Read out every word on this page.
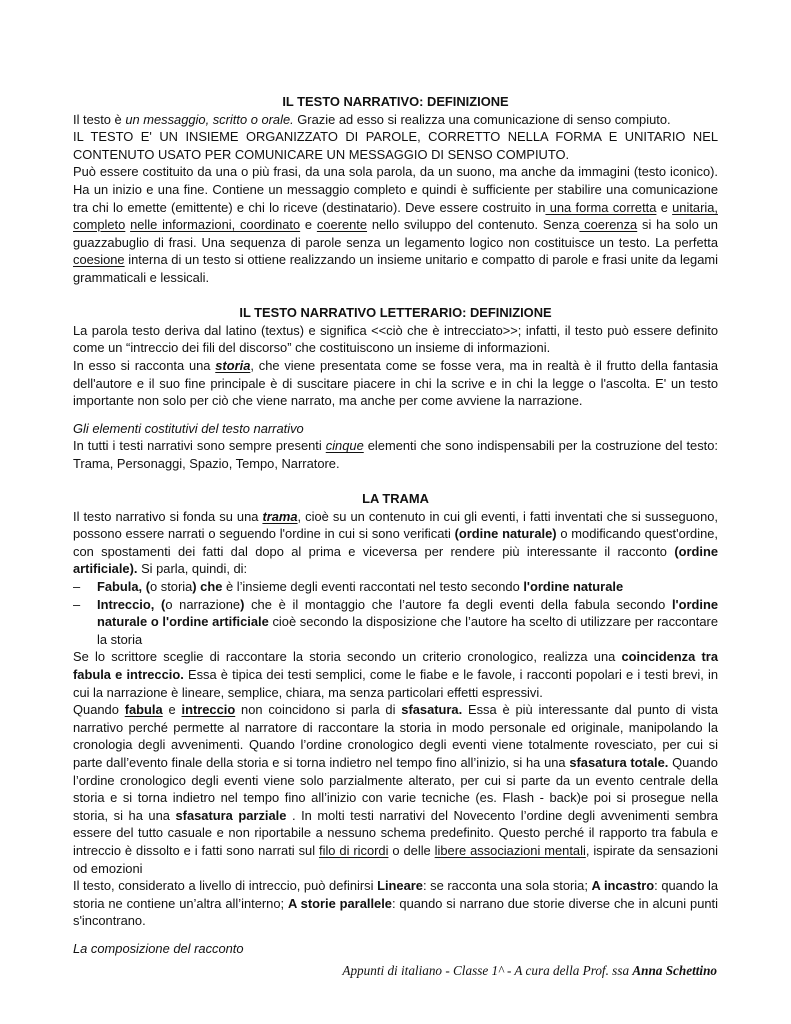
IL TESTO NARRATIVO: DEFINIZIONE

Il testo è un messaggio, scritto o orale. Grazie ad esso si realizza una comunicazione di senso compiuto.

IL TESTO E' UN INSIEME ORGANIZZATO DI PAROLE, CORRETTO NELLA FORMA E UNITARIO NEL CONTENUTO USATO PER COMUNICARE UN MESSAGGIO DI SENSO COMPIUTO.

Può essere costituito da una o più frasi, da una sola parola, da un suono, ma anche da immagini (testo iconico). Ha un inizio e una fine. Contiene un messaggio completo e quindi è sufficiente per stabilire una comunicazione tra chi lo emette (emittente) e chi lo riceve (destinatario). Deve essere costruito in una forma corretta e unitaria, completo nelle informazioni, coordinato e coerente nello sviluppo del contenuto. Senza coerenza si ha solo un guazzabuglio di frasi. Una sequenza di parole senza un legamento logico non costituisce un testo. La perfetta coesione interna di un testo si ottiene realizzando un insieme unitario e compatto di parole e frasi unite da legami grammaticali e lessicali.

IL TESTO NARRATIVO LETTERARIO: DEFINIZIONE

La parola testo deriva dal latino (textus) e significa <<ciò che è intrecciato>>; infatti, il testo può essere definito come un “intreccio dei fili del discorso” che costituiscono un insieme di informazioni.

In esso si racconta una storia, che viene presentata come se fosse vera, ma in realtà è il frutto della fantasia dell'autore e il suo fine principale è di suscitare piacere in chi la scrive e in chi la legge o l'ascolta. E' un testo importante non solo per ciò che viene narrato, ma anche per come avviene la narrazione.

Gli elementi costitutivi del testo narrativo

In tutti i testi narrativi sono sempre presenti cinque elementi che sono indispensabili per la costruzione del testo: Trama, Personaggi, Spazio, Tempo, Narratore.

LA TRAMA

Il testo narrativo si fonda su una trama, cioè su un contenuto in cui gli eventi, i fatti inventati che si susseguono, possono essere narrati o seguendo l'ordine in cui si sono verificati (ordine naturale) o modificando quest'ordine, con spostamenti dei fatti dal dopo al prima e viceversa per rendere più interessante il racconto (ordine artificiale). Si parla, quindi, di:

– Fabula, (o storia) che è l’insieme degli eventi raccontati nel testo secondo l'ordine naturale
– Intreccio, (o narrazione) che è il montaggio che l’autore fa degli eventi della fabula secondo l'ordine naturale o l'ordine artificiale cioè secondo la disposizione che l’autore ha scelto di utilizzare per raccontare la storia

Se lo scrittore sceglie di raccontare la storia secondo un criterio cronologico, realizza una coincidenza tra fabula e intreccio. Essa è tipica dei testi semplici, come le fiabe e le favole, i racconti popolari e i testi brevi, in cui la narrazione è lineare, semplice, chiara, ma senza particolari effetti espressivi.

Quando fabula e intreccio non coincidono si parla di sfasatura. Essa è più interessante dal punto di vista narrativo perché permette al narratore di raccontare la storia in modo personale ed originale, manipolando la cronologia degli avvenimenti. Quando l’ordine cronologico degli eventi viene totalmente rovesciato, per cui si parte dall’evento finale della storia e si torna indietro nel tempo fino all’inizio, si ha una sfasatura totale. Quando l’ordine cronologico degli eventi viene solo parzialmente alterato, per cui si parte da un evento centrale della storia e si torna indietro nel tempo fino all’inizio con varie tecniche (es. Flash - back)e poi si prosegue nella storia, si ha una sfasatura parziale . In molti testi narrativi del Novecento l’ordine degli avvenimenti sembra essere del tutto casuale e non riportabile a nessuno schema predefinito. Questo perché il rapporto tra fabula e intreccio è dissolto e i fatti sono narrati sul filo di ricordi o delle libere associazioni mentali, ispirate da sensazioni od emozioni

Il testo, considerato a livello di intreccio, può definirsi Lineare: se racconta una sola storia; A incastro: quando la storia ne contiene un’altra all’interno; A storie parallele: quando si narrano due storie diverse che in alcuni punti s'incontrano.

La composizione del racconto

Appunti di italiano - Classe 1^ - A cura della Prof. ssa Anna Schettino
